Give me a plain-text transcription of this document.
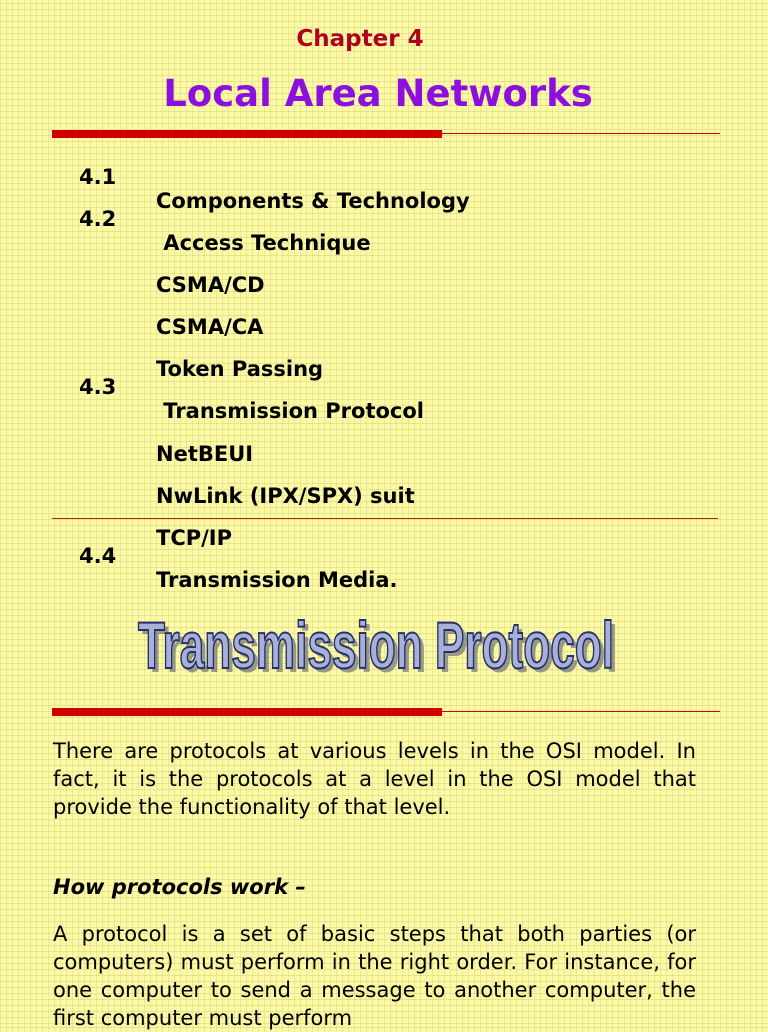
Chapter 4
Local Area Networks

4.1

Components & Technology

4.2

Access Technique

CSMA/CD

CSMA/CA

Token Passing

4.3

Transmission Protocol

NetBEUI

NwLink (IPX/SPX) suit

TCP/IP

4.4

Transmission Media.

Transmission Protocol
Transmission Protocol

There are protocols at various levels in the OSI model. In fact, it is the protocols at a level in the OSI model that provide the functionality of that level.

How protocols work –

A protocol is a set of basic steps that both parties (or computers) must perform in the right order. For instance, for one computer to send a message to another computer, the first computer must perform
